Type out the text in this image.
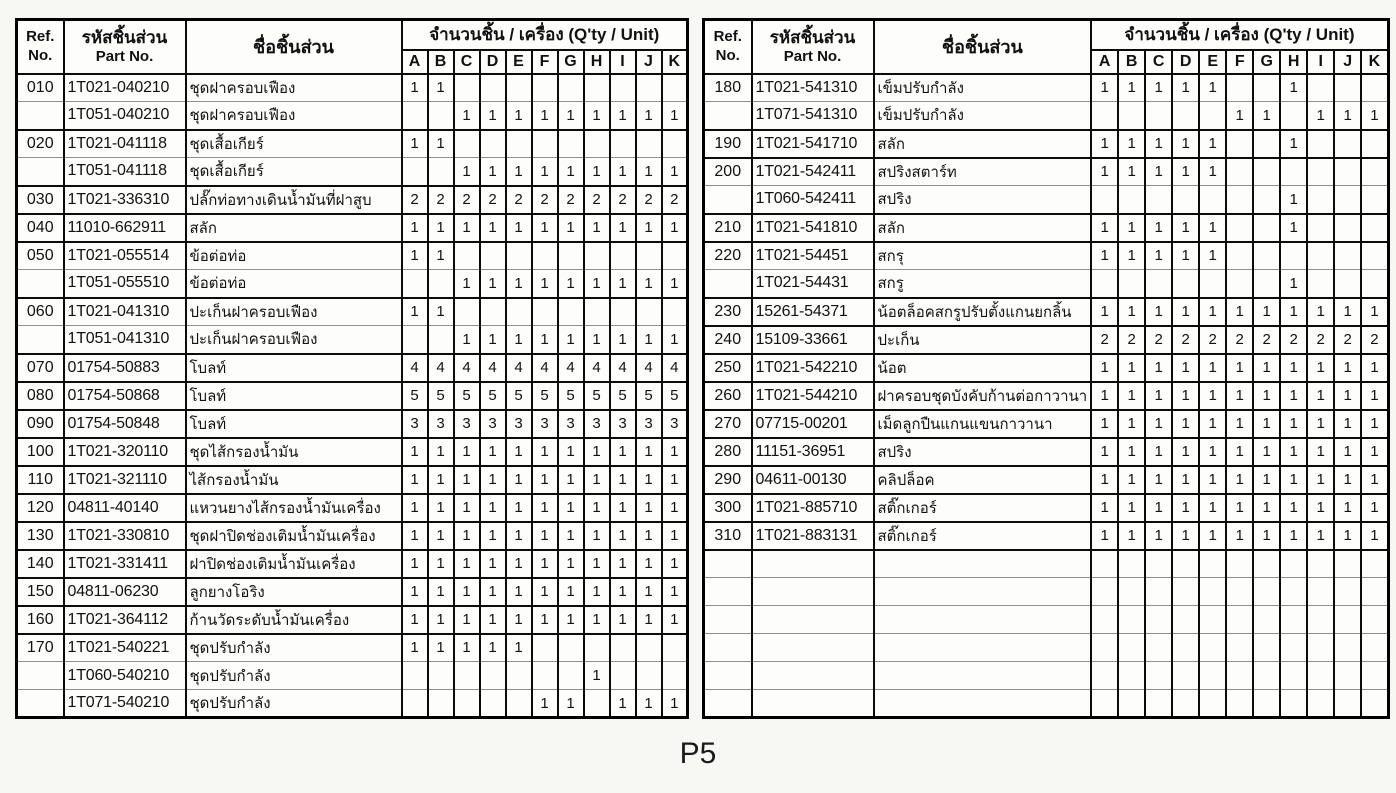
Ref.
No.	รหัสชิ้นส่วน
Part No.	ชื่อชิ้นส่วน	จำนวนชิ้น / เครื่อง (Q'ty / Unit)										
			A	B	C	D	E	F	G	H	I	J	K
010	1T021-040210	ชุดฝาครอบเฟือง	1	1									
	1T051-040210	ชุดฝาครอบเฟือง			1	1	1	1	1	1	1	1	1
020	1T021-041118	ชุดเสื้อเกียร์	1	1									
	1T051-041118	ชุดเสื้อเกียร์			1	1	1	1	1	1	1	1	1
030	1T021-336310	ปลั๊กท่อทางเดินน้ำมันที่ฝาสูบ	2	2	2	2	2	2	2	2	2	2	2
040	11010-662911	สลัก	1	1	1	1	1	1	1	1	1	1	1
050	1T021-055514	ข้อต่อท่อ	1	1									
	1T051-055510	ข้อต่อท่อ			1	1	1	1	1	1	1	1	1
060	1T021-041310	ปะเก็นฝาครอบเฟือง	1	1									
	1T051-041310	ปะเก็นฝาครอบเฟือง			1	1	1	1	1	1	1	1	1
070	01754-50883	โบลท์	4	4	4	4	4	4	4	4	4	4	4
080	01754-50868	โบลท์	5	5	5	5	5	5	5	5	5	5	5
090	01754-50848	โบลท์	3	3	3	3	3	3	3	3	3	3	3
100	1T021-320110	ชุดไส้กรองน้ำมัน	1	1	1	1	1	1	1	1	1	1	1
110	1T021-321110	ไส้กรองน้ำมัน	1	1	1	1	1	1	1	1	1	1	1
120	04811-40140	แหวนยางไส้กรองน้ำมันเครื่อง	1	1	1	1	1	1	1	1	1	1	1
130	1T021-330810	ชุดฝาปิดช่องเติมน้ำมันเครื่อง	1	1	1	1	1	1	1	1	1	1	1
140	1T021-331411	ฝาปิดช่องเติมน้ำมันเครื่อง	1	1	1	1	1	1	1	1	1	1	1
150	04811-06230	ลูกยางโอริง	1	1	1	1	1	1	1	1	1	1	1
160	1T021-364112	ก้านวัดระดับน้ำมันเครื่อง	1	1	1	1	1	1	1	1	1	1	1
170	1T021-540221	ชุดปรับกำลัง	1	1	1	1	1						
	1T060-540210	ชุดปรับกำลัง								1			
	1T071-540210	ชุดปรับกำลัง						1	1		1	1	1
Ref.
No.	รหัสชิ้นส่วน
Part No.	ชื่อชิ้นส่วน	จำนวนชิ้น / เครื่อง (Q'ty / Unit)										
			A	B	C	D	E	F	G	H	I	J	K
180	1T021-541310	เข็มปรับกำลัง	1	1	1	1	1			1			
	1T071-541310	เข็มปรับกำลัง						1	1		1	1	1
190	1T021-541710	สลัก	1	1	1	1	1			1			
200	1T021-542411	สปริงสตาร์ท	1	1	1	1	1						
	1T060-542411	สปริง								1			
210	1T021-541810	สลัก	1	1	1	1	1			1			
220	1T021-54451	สกรุ	1	1	1	1	1						
	1T021-54431	สกรู								1			
230	15261-54371	น้อตล็อคสกรูปรับตั้งแกนยกลิ้น	1	1	1	1	1	1	1	1	1	1	1
240	15109-33661	ปะเก็น	2	2	2	2	2	2	2	2	2	2	2
250	1T021-542210	น้อต	1	1	1	1	1	1	1	1	1	1	1
260	1T021-544210	ฝาครอบชุดบังคับก้านต่อกาวานา	1	1	1	1	1	1	1	1	1	1	1
270	07715-00201	เม็ดลูกปืนแกนแขนกาวานา	1	1	1	1	1	1	1	1	1	1	1
280	11151-36951	สปริง	1	1	1	1	1	1	1	1	1	1	1
290	04611-00130	คลิปล็อค	1	1	1	1	1	1	1	1	1	1	1
300	1T021-885710	สติ๊กเกอร์	1	1	1	1	1	1	1	1	1	1	1
310	1T021-883131	สติ๊กเกอร์	1	1	1	1	1	1	1	1	1	1	1

P5
